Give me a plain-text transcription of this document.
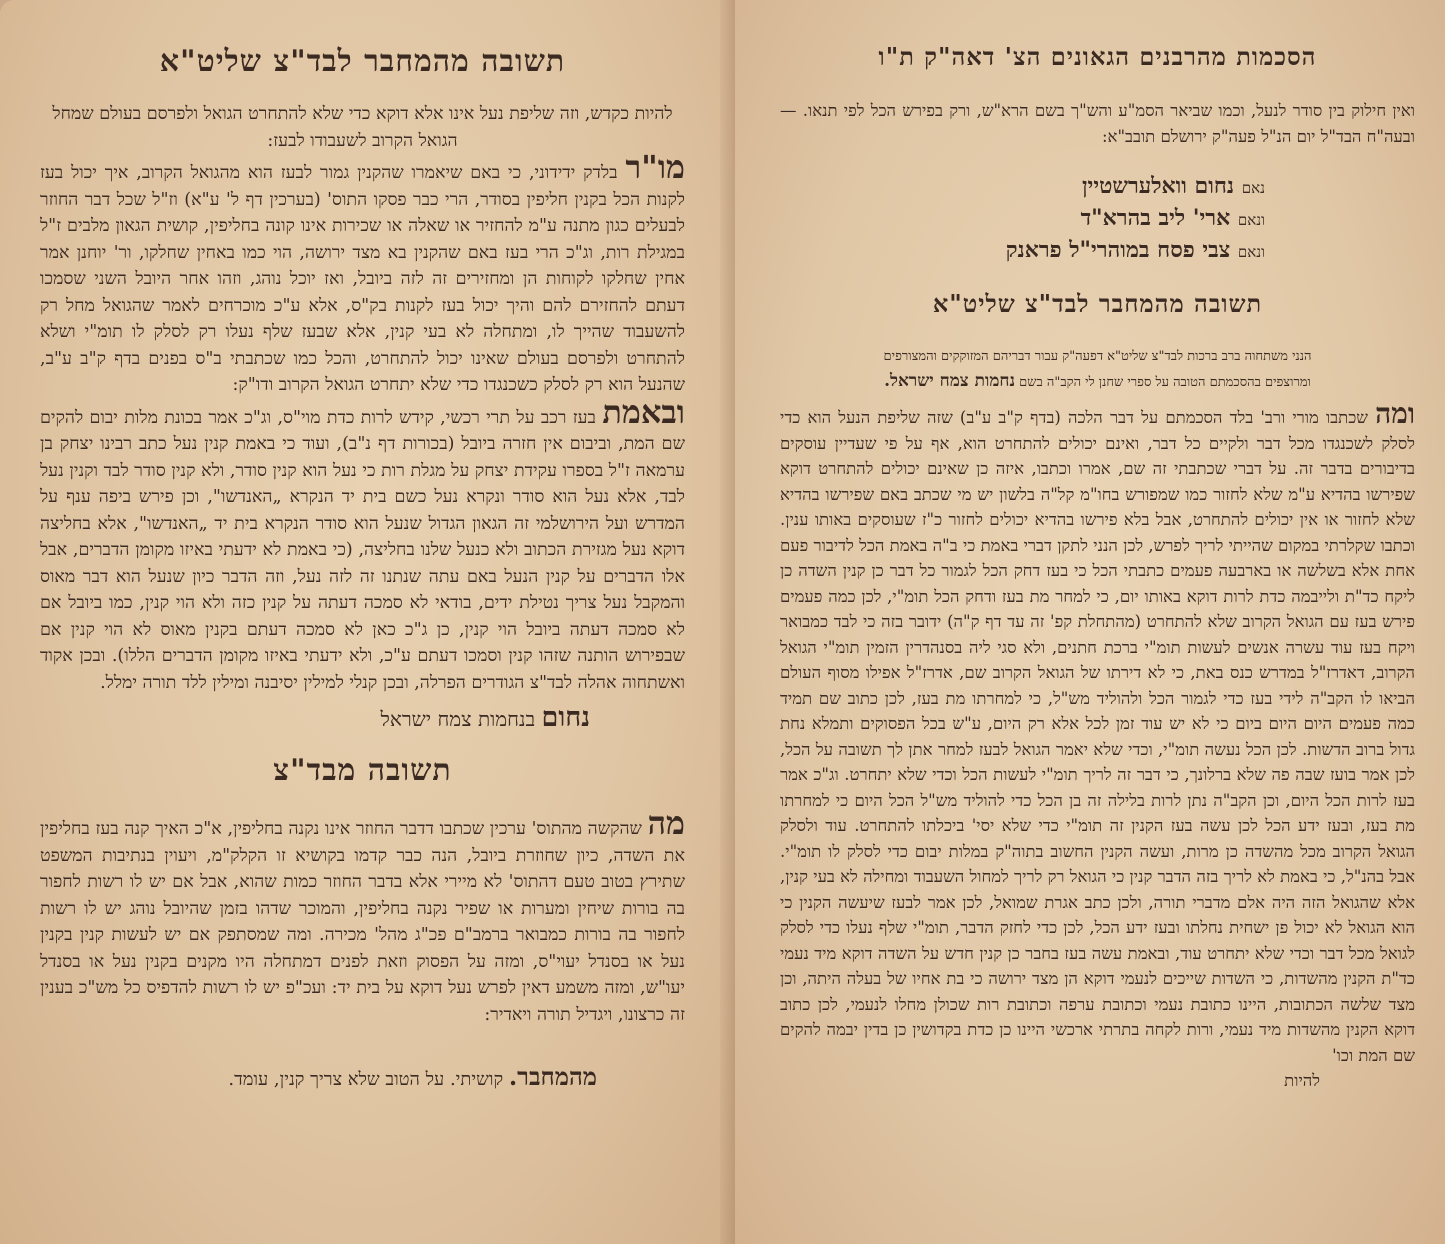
תשובה מהמחבר לבד"צ שליט"א

להיות כקדש, וזה שליפת נעל אינו אלא דוקא כדי שלא להתחרט הגואל ולפרסם בעולם שמחל הגואל הקרוב לשעבודו לבעז:

מו"ר בלדק ידידוני, כי באם שיאמרו שהקנין גמור לבעז הוא מהגואל הקרוב, איך יכול בעז לקנות הכל בקנין חליפין בסודר, הרי כבר פסקו התוס' (בערכין דף ל' ע"א) וז"ל שכל דבר החוזר לבעלים כגון מתנה ע"מ להחזיר או שאלה או שכירות אינו קונה בחליפין, קושית הגאון מלבים ז"ל במגילת רות, וג"כ הרי בעז באם שהקנין בא מצד ירושה, הוי כמו באחין שחלקו, ור' יוחנן אמר אחין שחלקו לקוחות הן ומחזירים זה לזה ביובל, ואז יוכל נוהג, וזהו אחר היובל השני שסמכו דעתם להחזירם להם והיך יכול בעז לקנות בק"ס, אלא ע"כ מוכרחים לאמר שהגואל מחל רק להשעבוד שהייך לו, ומתחלה לא בעי קנין, אלא שבעז שלף נעלו רק לסלק לו תומ"י ושלא להתחרט ולפרסם בעולם שאינו יכול להתחרט, והכל כמו שכתבתי ב"ס בפנים בדף ק"ב ע"ב, שהנעל הוא רק לסלק כשכנגדו כדי שלא יתחרט הגואל הקרוב ודו"ק:

ובאמת בעז רכב על תרי רכשי, קידש לרות כדת מוי"ס, וג"כ אמר בכונת מלות יבום להקים שם המת, וביבום אין חזרה ביובל (בכורות דף נ"ב), ועוד כי באמת קנין נעל כתב רבינו יצחק בן ערמאה ז"ל בספרו עקידת יצחק על מגלת רות כי נעל הוא קנין סודר, ולא קנין סודר לבד וקנין נעל לבד, אלא נעל הוא סודר ונקרא נעל כשם בית יד הנקרא „האנדשו", וכן פירש ביפה ענף על המדרש ועל הירושלמי זה הגאון הגדול שנעל הוא סודר הנקרא בית יד „האנדשו", אלא בחליצה דוקא נעל מגזירת הכתוב ולא כנעל שלנו בחליצה, (כי באמת לא ידעתי באיזו מקומן הדברים, אבל אלו הדברים על קנין הנעל באם עתה שנתנו זה לזה נעל, וזה הדבר כיון שנעל הוא דבר מאוס והמקבל נעל צריך נטילת ידים, בודאי לא סמכה דעתה על קנין כזה ולא הוי קנין, כמו ביובל אם לא סמכה דעתה ביובל הוי קנין, כן ג"כ כאן לא סמכה דעתם בקנין מאוס לא הוי קנין אם שבפירוש הותנה שזהו קנין וסמכו דעתם ע"כ, ולא ידעתי באיזו מקומן הדברים הללו). ובכן אקוד ואשתחוה אהלה לבד"צ הגודרים הפרלה, ובכן קנלי למילין יסיבנה ומילין ללד תורה ימלל.

נחום בנחמות צמח ישראל

תשובה מבד"צ

מה שהקשה מהתוס' ערכין שכתבו דדבר החוזר אינו נקנה בחליפין, א"כ האיך קנה בעז בחליפין את השדה, כיון שחוזרת ביובל, הנה כבר קדמו בקושיא זו הקלק"מ, ויעוין בנתיבות המשפט שתירץ בטוב טעם דהתוס' לא מיירי אלא בדבר החוזר כמות שהוא, אבל אם יש לו רשות לחפור בה בורות שיחין ומערות או שפיר נקנה בחליפין, והמוכר שדהו בזמן שהיובל נוהג יש לו רשות לחפור בה בורות כמבואר ברמב"ם פכ"ג מהל' מכירה. ומה שמסתפק אם יש לעשות קנין בקנין נעל או בסנדל יעוי"ס, ומזה על הפסוק וזאת לפנים דמתחלה היו מקנים בקנין נעל או בסנדל יעו"ש, ומזה משמע דאין לפרש נעל דוקא על בית יד: ועכ"פ יש לו רשות להדפיס כל מש"כ בענין זה כרצונו, ויגדיל תורה ויאדיר:

מהמחבר. קושיתי. על הטוב שלא צריך קנין, עומד.

הסכמות מהרבנים הגאונים הצ' דאה"ק ת"ו

ואין חילוק בין סודר לנעל, וכמו שביאר הסמ"ע והש"ך בשם הרא"ש, ורק בפירש הכל לפי תנאו. —ובעה"ח הבד"ל יום הנ"ל פעה"ק ירושלם תובב"א:

נאם נחום וואלערשטיין
ונאם ארי' ליב בהרא"ד
ונאם צבי פסח במוהרי"ל פראנק
תשובה מהמחבר לבד"צ שליט"א
הנני משתחוה ברב ברכות לבד"צ שליט"א דפעה"ק עבור דבריהם המזוקקים והמצורפים
ומרוצפים בהסכמתם הטובה על ספרי שחנן לי הקב"ה בשם נחמות צמח ישראל.

ומה שכתבו מורי ורב' בלד הסכמתם על דבר הלכה (בדף ק"ב ע"ב) שזה שליפת הנעל הוא כדי לסלק לשכנגדו מכל דבר ולקיים כל דבר, ואינם יכולים להתחרט הוא, אף על פי שעדיין עוסקים בדיבורים בדבר זה. על דברי שכתבתי זה שם, אמרו וכתבו, איזה כן שאינם יכולים להתחרט דוקא שפירשו בהדיא ע"מ שלא לחזור כמו שמפורש בחו"מ קל"ה בלשון יש מי שכתב באם שפירשו בהדיא שלא לחזור או אין יכולים להתחרט, אבל בלא פירשו בהדיא יכולים לחזור כ"ז שעוסקים באותו ענין. וכתבו שקלרתי במקום שהייתי לריך לפרש, לכן הנני לתקן דברי באמת כי ב"ה באמת הכל לדיבור פעם אחת אלא בשלשה או בארבעה פעמים כתבתי הכל כי בעז דחק הכל לגמור כל דבר כן קנין השדה כן ליקח כד"ת ולייבמה כדת לרות דוקא באותו יום, כי למחר מת בעז ודחק הכל תומ"י, לכן כמה פעמים פירש בעז עם הגואל הקרוב שלא להתחרט (מהתחלת קפ' זה עד דף ק"ה) ידובר בזה כי לבד כמבואר ויקח בעז עוד עשרה אנשים לעשות תומ"י ברכת חתנים, ולא סגי ליה בסנהדרין הזמין תומ"י הגואל הקרוב, דאדרז"ל במדרש כנס באת, כי לא דירתו של הגואל הקרוב שם, אדרז"ל אפילו מסוף העולם הביאו לו הקב"ה לידי בעז כדי לגמור הכל ולהוליד מש"ל, כי למחרתו מת בעז, לכן כתוב שם תמיד כמה פעמים היום היום ביום כי לא יש עוד זמן לכל אלא רק היום, ע"ש בכל הפסוקים ותמלא נחת גדול ברוב הדשות. לכן הכל נעשה תומ"י, וכדי שלא יאמר הגואל לבעז למחר אתן לך תשובה על הכל, לכן אמר בועז שבה פה שלא ברלונך, כי דבר זה לריך תומ"י לעשות הכל וכדי שלא יתחרט. וג"כ אמר בעז לרות הכל היום, וכן הקב"ה נתן לרות בלילה זה בן הכל כדי להוליד מש"ל הכל היום כי למחרתו מת בעז, ובעז ידע הכל לכן עשה בעז הקנין זה תומ"י כדי שלא יסי' ביכלתו להתחרט. עוד ולסלק הגואל הקרוב מכל מהשדה כן מרות, ועשה הקנין החשוב בתוה"ק במלות יבום כדי לסלק לו תומ"י. אבל בהנ"ל, כי באמת לא לריך בזה הדבר קנין כי הגואל רק לריך למחול השעבוד ומחילה לא בעי קנין, אלא שהגואל הזה היה אלם מדברי תורה, ולכן כתב אגרת שמואל, לכן אמר לבעז שיעשה הקנין כי הוא הגואל לא יכול פן ישחית נחלתו ובעז ידע הכל, לכן כדי לחזק הדבר, תומ"י שלף נעלו כדי לסלק לגואל מכל דבר וכדי שלא יתחרט עוד, ובאמת עשה בעז בחבר כן קנין חדש על השדה דוקא מיד נעמי כד"ת הקנין מהשדות, כי השדות שייכים לנעמי דוקא הן מצד ירושה כי בת אחיו של בעלה היתה, וכן מצד שלשה הכתובות, היינו כתובת נעמי וכתובת ערפה וכתובת רות שכולן מחלו לנעמי, לכן כתוב דוקא הקנין מהשדות מיד נעמי, ורות לקחה בתרתי ארכשי היינו כן כדת בקדושין כן בדין יבמה להקים שם המת וכו'

להיות
